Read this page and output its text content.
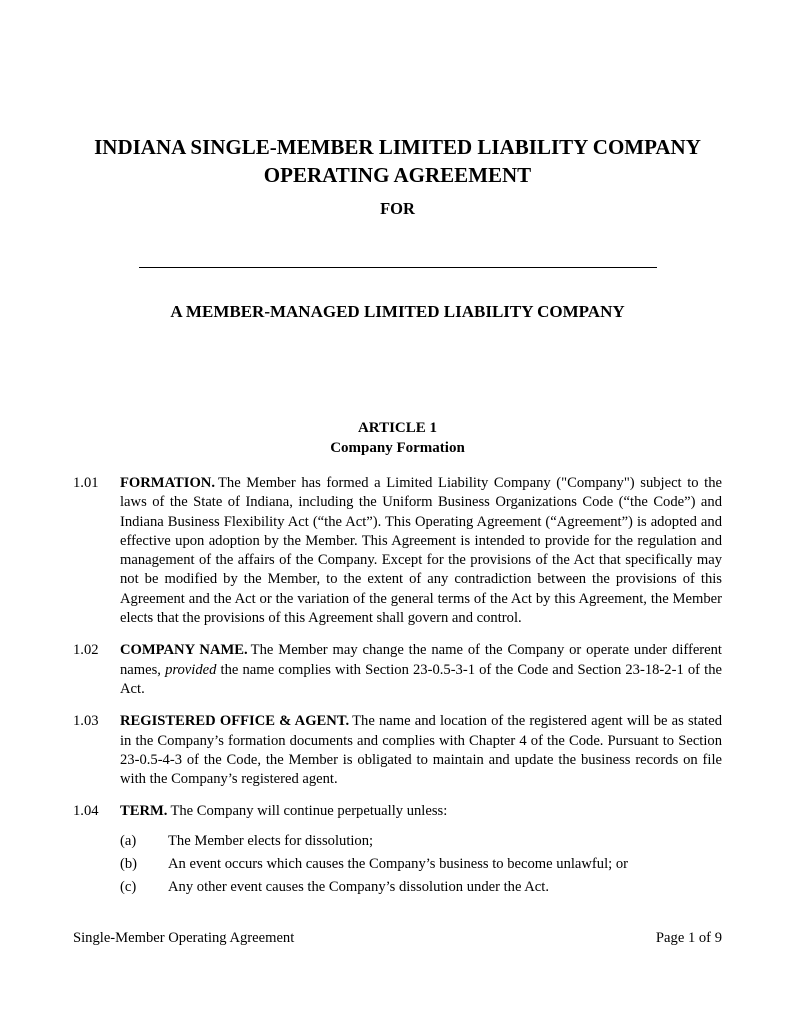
INDIANA SINGLE-MEMBER LIMITED LIABILITY COMPANY
OPERATING AGREEMENT
FOR
A MEMBER-MANAGED LIMITED LIABILITY COMPANY
ARTICLE 1
Company Formation
1.01	FORMATION. The Member has formed a Limited Liability Company ("Company") subject to the laws of the State of Indiana, including the Uniform Business Organizations Code (“the Code”) and Indiana Business Flexibility Act (“the Act”). This Operating Agreement (“Agreement”) is adopted and effective upon adoption by the Member. This Agreement is intended to provide for the regulation and management of the affairs of the Company. Except for the provisions of the Act that specifically may not be modified by the Member, to the extent of any contradiction between the provisions of this Agreement and the Act or the variation of the general terms of the Act by this Agreement, the Member elects that the provisions of this Agreement shall govern and control.

1.02	COMPANY NAME. The Member may change the name of the Company or operate under different names, provided the name complies with Section 23-0.5-3-1 of the Code and Section 23-18-2-1 of the Act.

1.03	REGISTERED OFFICE & AGENT. The name and location of the registered agent will be as stated in the Company’s formation documents and complies with Chapter 4 of the Code. Pursuant to Section 23-0.5-4-3 of the Code, the Member is obligated to maintain and update the business records on file with the Company’s registered agent.

1.04	TERM. The Company will continue perpetually unless:

(a)	The Member elects for dissolution;
(b)	An event occurs which causes the Company’s business to become unlawful; or
(c)	Any other event causes the Company’s dissolution under the Act.
Single-Member Operating Agreement	Page 1 of 9
